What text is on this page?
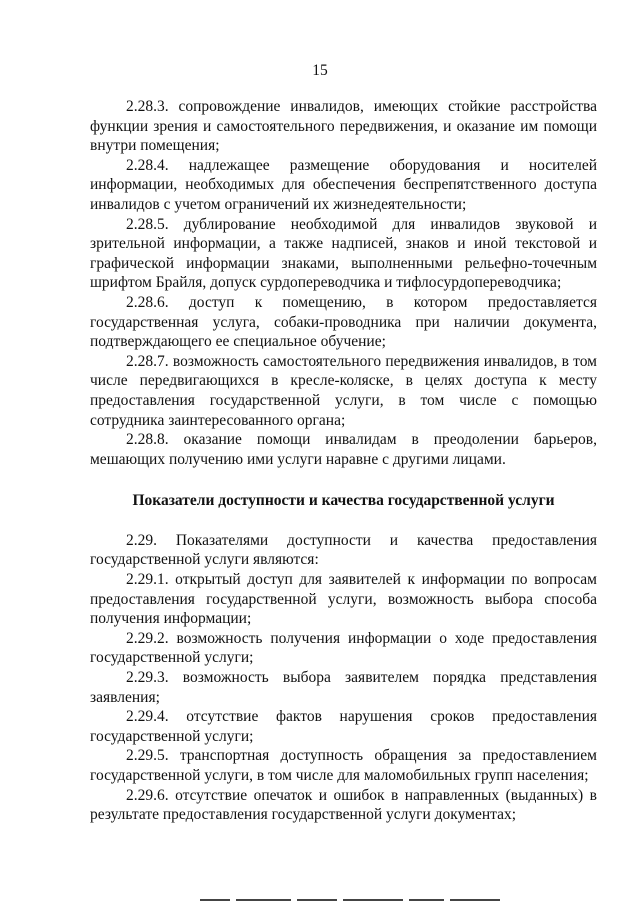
15

2.28.3. сопровождение инвалидов, имеющих стойкие расстройства функции зрения и самостоятельного передвижения, и оказание им помощи внутри помещения;

2.28.4. надлежащее размещение оборудования и носителей информации, необходимых для обеспечения беспрепятственного доступа инвалидов с учетом ограничений их жизнедеятельности;

2.28.5. дублирование необходимой для инвалидов звуковой и зрительной информации, а также надписей, знаков и иной текстовой и графической информации знаками, выполненными рельефно-точечным шрифтом Брайля, допуск сурдопереводчика и тифлосурдопереводчика;

2.28.6. доступ к помещению, в котором предоставляется государственная услуга, собаки-проводника при наличии документа, подтверждающего ее специальное обучение;

2.28.7. возможность самостоятельного передвижения инвалидов, в том числе передвигающихся в кресле-коляске, в целях доступа к месту предоставления государственной услуги, в том числе с помощью сотрудника заинтересованного органа;

2.28.8. оказание помощи инвалидам в преодолении барьеров, мешающих получению ими услуги наравне с другими лицами.

Показатели доступности и качества государственной услуги

2.29. Показателями доступности и качества предоставления государственной услуги являются:

2.29.1. открытый доступ для заявителей к информации по вопросам предоставления государственной услуги, возможность выбора способа получения информации;

2.29.2. возможность получения информации о ходе предоставления государственной услуги;

2.29.3. возможность выбора заявителем порядка представления заявления;

2.29.4. отсутствие фактов нарушения сроков предоставления государственной услуги;

2.29.5. транспортная доступность обращения за предоставлением государственной услуги, в том числе для маломобильных групп населения;

2.29.6. отсутствие опечаток и ошибок в направленных (выданных) в результате предоставления государственной услуги документах;
